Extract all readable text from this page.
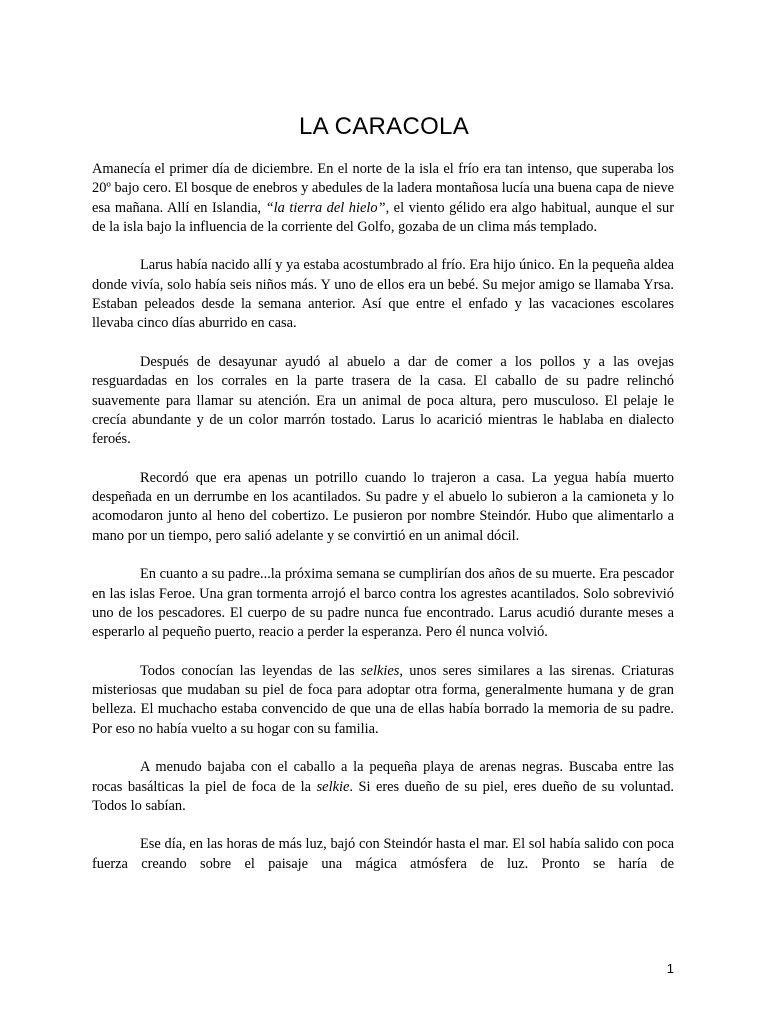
LA CARACOLA

Amanecía el primer día de diciembre. En el norte de la isla el frío era tan intenso, que superaba los 20º bajo cero. El bosque de enebros y abedules de la ladera montañosa lucía una buena capa de nieve esa mañana. Allí en Islandia, “la tierra del hielo”, el viento gélido era algo habitual, aunque el sur de la isla bajo la influencia de la corriente del Golfo, gozaba de un clima más templado.

Larus había nacido allí y ya estaba acostumbrado al frío. Era hijo único. En la pequeña aldea donde vivía, solo había seis niños más. Y uno de ellos era un bebé. Su mejor amigo se llamaba Yrsa. Estaban peleados desde la semana anterior. Así que entre el enfado y las vacaciones escolares llevaba cinco días aburrido en casa.

Después de desayunar ayudó al abuelo a dar de comer a los pollos y a las ovejas resguardadas en los corrales en la parte trasera de la casa. El caballo de su padre relinchó suavemente para llamar su atención. Era un animal de poca altura, pero musculoso. El pelaje le crecía abundante y de un color marrón tostado. Larus lo acarició mientras le hablaba en dialecto feroés.

Recordó que era apenas un potrillo cuando lo trajeron a casa. La yegua había muerto despeñada en un derrumbe en los acantilados. Su padre y el abuelo lo subieron a la camioneta y lo acomodaron junto al heno del cobertizo. Le pusieron por nombre Steindór. Hubo que alimentarlo a mano por un tiempo, pero salió adelante y se convirtió en un animal dócil.

En cuanto a su padre...la próxima semana se cumplirían dos años de su muerte. Era pescador en las islas Feroe. Una gran tormenta arrojó el barco contra los agrestes acantilados. Solo sobrevivió uno de los pescadores. El cuerpo de su padre nunca fue encontrado. Larus acudió durante meses a esperarlo al pequeño puerto, reacio a perder la esperanza. Pero él nunca volvió.

Todos conocían las leyendas de las selkies, unos seres similares a las sirenas. Criaturas misteriosas que mudaban su piel de foca para adoptar otra forma, generalmente humana y de gran belleza. El muchacho estaba convencido de que una de ellas había borrado la memoria de su padre. Por eso no había vuelto a su hogar con su familia.

A menudo bajaba con el caballo a la pequeña playa de arenas negras. Buscaba entre las rocas basálticas la piel de foca de la selkie. Si eres dueño de su piel, eres dueño de su voluntad. Todos lo sabían.

Ese día, en las horas de más luz, bajó con Steindór hasta el mar. El sol había salido con poca fuerza creando sobre el paisaje una mágica atmósfera de luz. Pronto se haría de

1
